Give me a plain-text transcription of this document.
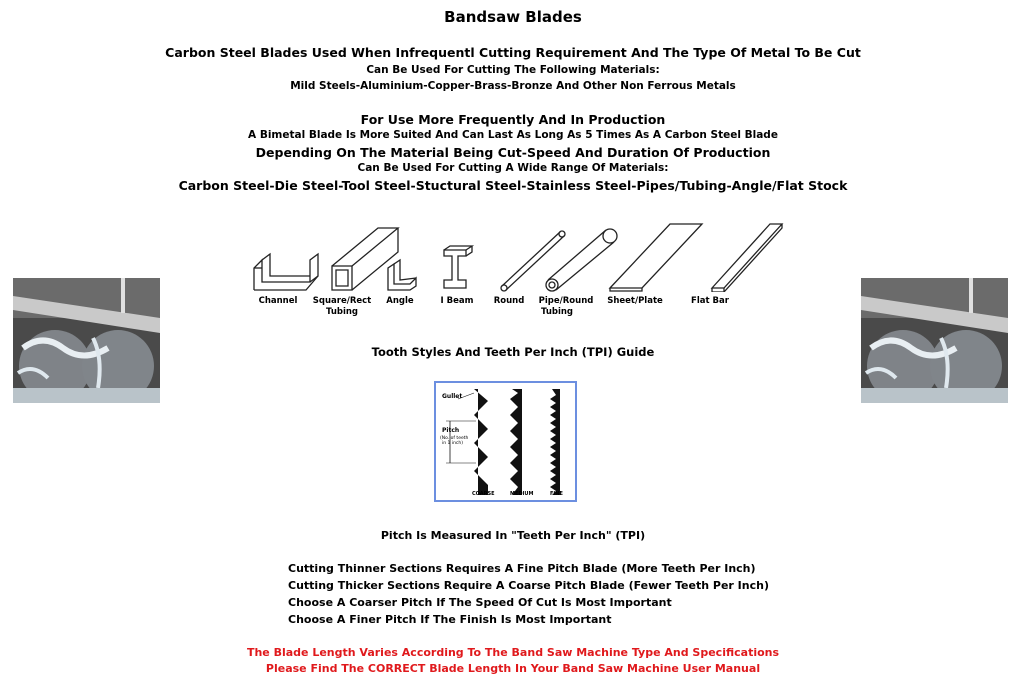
Bandsaw Blades
Carbon Steel Blades Used When Infrequentl Cutting Requirement And The Type Of Metal To Be Cut
Can Be Used For Cutting The Following Materials:
Mild Steels-Aluminium-Copper-Brass-Bronze And Other Non Ferrous Metals
For Use More Frequently And In Production
A Bimetal Blade Is More Suited And Can Last As Long As 5 Times As A Carbon Steel Blade
Depending On The Material Being Cut-Speed And Duration Of Production
Can Be Used For Cutting A Wide Range Of Materials:
Carbon Steel-Die Steel-Tool Steel-Stuctural Steel-Stainless Steel-Pipes/Tubing-Angle/Flat Stock
Channel	Square/Rect
Tubing
Angle	I Beam	Round	Pipe/Round
Tubing
Sheet/Plate	Flat Bar
Tooth Styles And Teeth Per Inch (TPI) Guide
Gullet
Pitch
(No. of teeth
in 1 inch)
COARSE	MEDIUM	FINE
Pitch Is Measured In "Teeth Per Inch" (TPI)
Cutting Thinner Sections Requires A Fine Pitch Blade (More Teeth Per Inch)
Cutting Thicker Sections Require A Coarse Pitch Blade (Fewer Teeth Per Inch)
Choose A Coarser Pitch If The Speed Of Cut Is Most Important
Choose A Finer Pitch If The Finish Is Most Important
The Blade Length Varies According To The Band Saw Machine Type And Specifications
Please Find The CORRECT Blade Length In Your Band Saw Machine User Manual
